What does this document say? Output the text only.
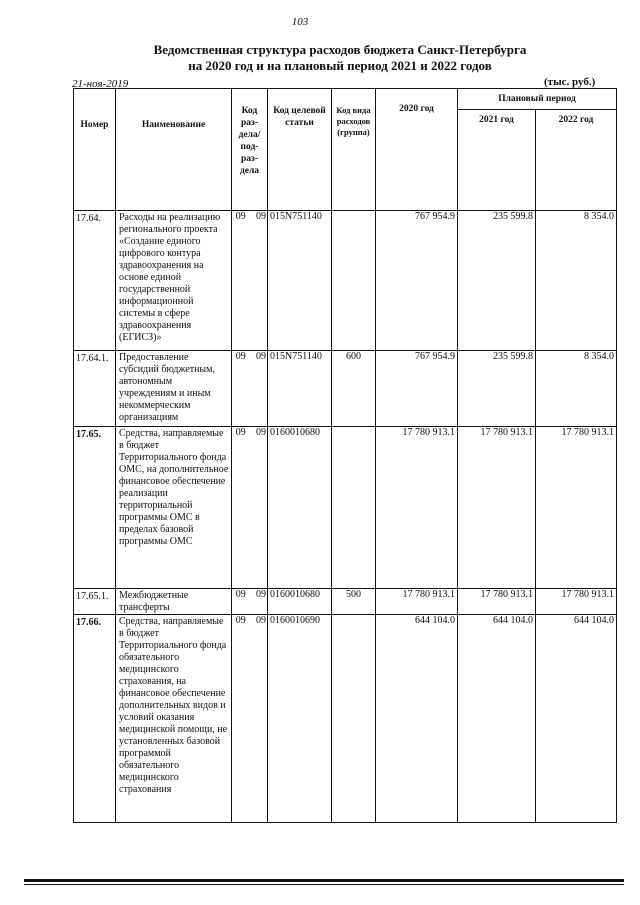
103
Ведомственная структура расходов бюджета Санкт-Петербурга
на 2020 год и на плановый период 2021 и 2022 годов
21-ноя-2019	(тыс. руб.)
Номер	Наименование	Код раз-дела/ под-раз-дела		Код целевой статьи	Код вида расходов (группа)	2020 год	Плановый период	

							2021 год	2022 год

17.64.	Расходы на реализацию регионального проекта «Создание единого цифрового контура здравоохранения на основе единой государственной информационной системы в сфере здравоохранения (ЕГИСЗ)»	09	09	015N751140		767 954.9	235 599.8	8 354.0
17.64.1.	Предоставление субсидий бюджетным, автономным учреждениям и иным некоммерческим организациям	09	09	015N751140	600	767 954.9	235 599.8	8 354.0
17.65.	Средства, направляемые в бюджет Территориального фонда ОМС, на дополнительное финансовое обеспечение реализации территориальной программы ОМС в пределах базовой программы ОМС	09	09	0160010680		17 780 913.1	17 780 913.1	17 780 913.1
17.65.1.	Межбюджетные трансферты	09	09	0160010680	500	17 780 913.1	17 780 913.1	17 780 913.1
17.66.	Средства, направляемые в бюджет Территориального фонда обязательного медицинского страхования, на финансовое обеспечение дополнительных видов и условий оказания медицинской помощи, не установленных базовой программой обязательного медицинского страхования	09	09	0160010690		644 104.0	644 104.0	644 104.0
